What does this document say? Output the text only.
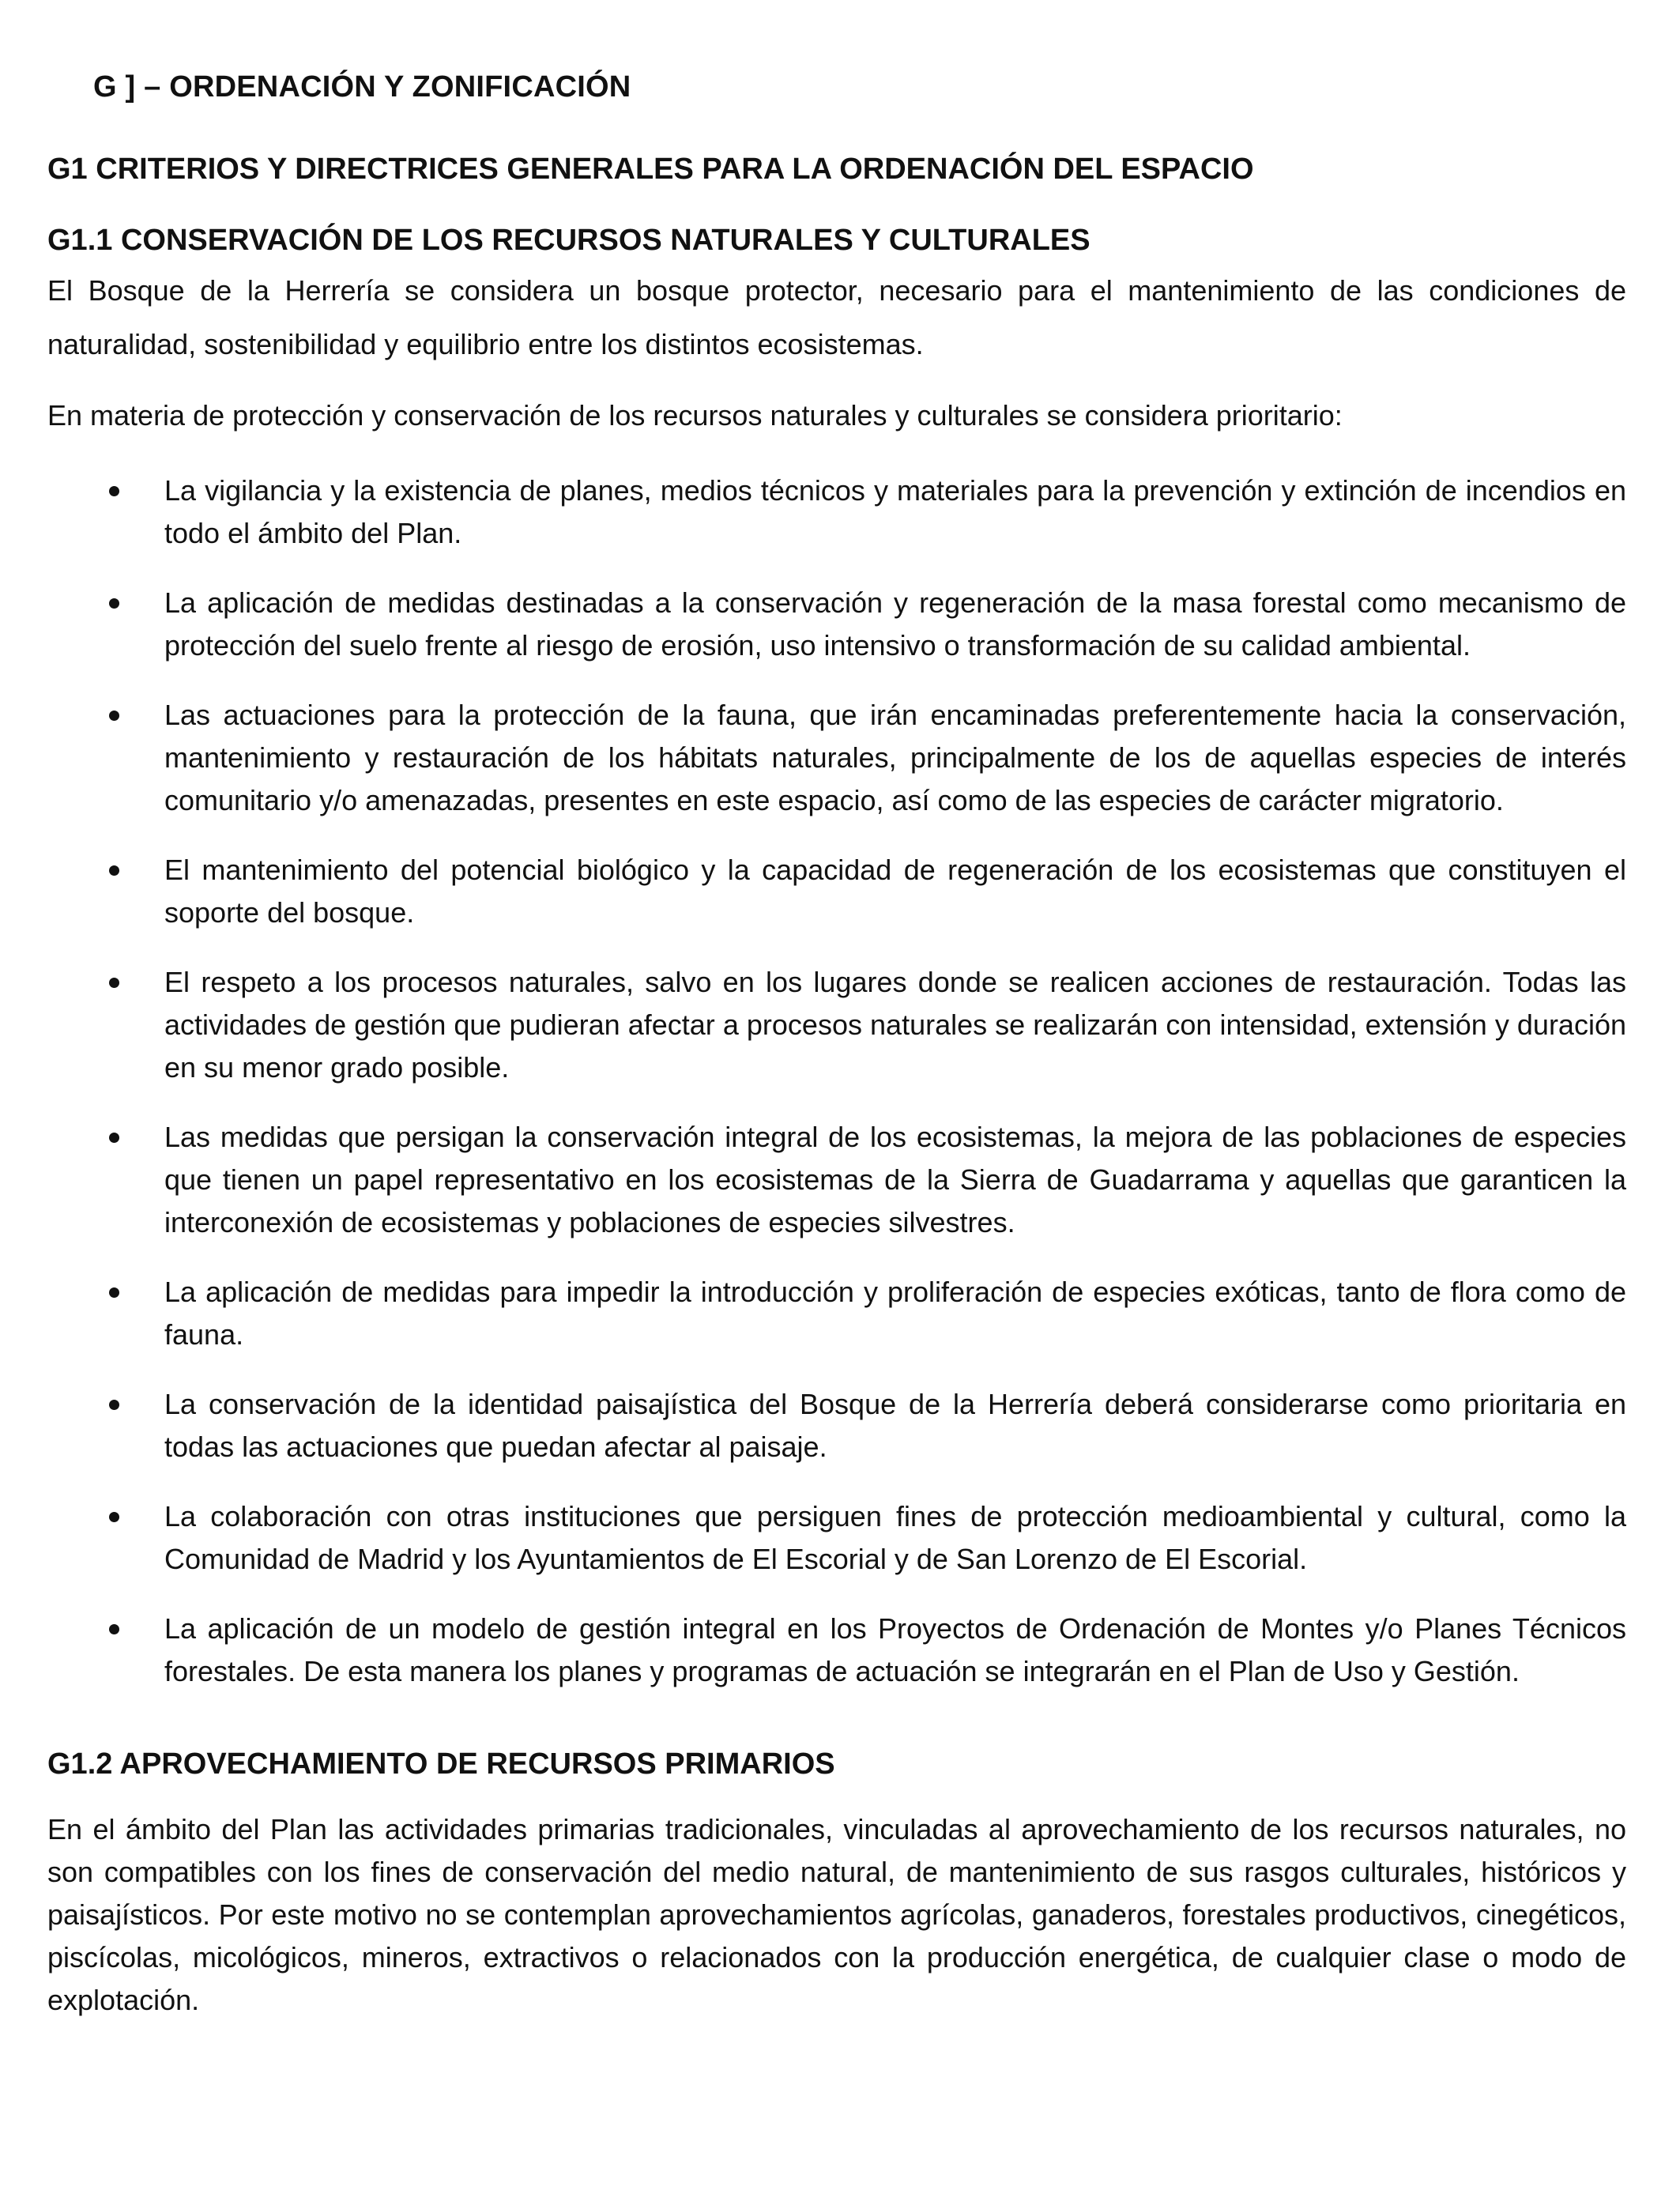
G ] – ORDENACIÓN Y ZONIFICACIÓN
G1 CRITERIOS Y DIRECTRICES GENERALES PARA LA ORDENACIÓN DEL ESPACIO
G1.1 CONSERVACIÓN DE LOS RECURSOS NATURALES Y CULTURALES

El Bosque de la Herrería se considera un bosque protector, necesario para el mantenimiento de las condiciones de naturalidad, sostenibilidad y equilibrio entre los distintos ecosistemas.

En materia de protección y conservación de los recursos naturales y culturales se considera prioritario:

La vigilancia y la existencia de planes, medios técnicos y materiales para la prevención y extinción de incendios en todo el ámbito del Plan.
La aplicación de medidas destinadas a la conservación y regeneración de la masa forestal como mecanismo de protección del suelo frente al riesgo de erosión, uso intensivo o transformación de su calidad ambiental.
Las actuaciones para la protección de la fauna, que irán encaminadas preferentemente hacia la conservación, mantenimiento y restauración de los hábitats naturales, principalmente de los de aquellas especies de interés comunitario y/o amenazadas, presentes en este espacio, así como de las especies de carácter migratorio.
El mantenimiento del potencial biológico y la capacidad de regeneración de los ecosistemas que constituyen el soporte del bosque.
El respeto a los procesos naturales, salvo en los lugares donde se realicen acciones de restauración. Todas las actividades de gestión que pudieran afectar a procesos naturales se realizarán con intensidad, extensión y duración en su menor grado posible.
Las medidas que persigan la conservación integral de los ecosistemas, la mejora de las poblaciones de especies que tienen un papel representativo en los ecosistemas de la Sierra de Guadarrama y aquellas que garanticen la interconexión de ecosistemas y poblaciones de especies silvestres.
La aplicación de medidas para impedir la introducción y proliferación de especies exóticas, tanto de flora como de fauna.
La conservación de la identidad paisajística del Bosque de la Herrería deberá considerarse como prioritaria en todas las actuaciones que puedan afectar al paisaje.
La colaboración con otras instituciones que persiguen fines de protección medioambiental y cultural, como la Comunidad de Madrid y los Ayuntamientos de El Escorial y de San Lorenzo de El Escorial.
La aplicación de un modelo de gestión integral en los Proyectos de Ordenación de Montes y/o Planes Técnicos forestales. De esta manera los planes y programas de actuación se integrarán en el Plan de Uso y Gestión.
G1.2 APROVECHAMIENTO DE RECURSOS PRIMARIOS

En el ámbito del Plan las actividades primarias tradicionales, vinculadas al aprovechamiento de los recursos naturales, no son compatibles con los fines de conservación del medio natural, de mantenimiento de sus rasgos culturales, históricos y paisajísticos. Por este motivo no se contemplan aprovechamientos agrícolas, ganaderos, forestales productivos, cinegéticos, piscícolas, micológicos, mineros, extractivos o relacionados con la producción energética, de cualquier clase o modo de explotación.
